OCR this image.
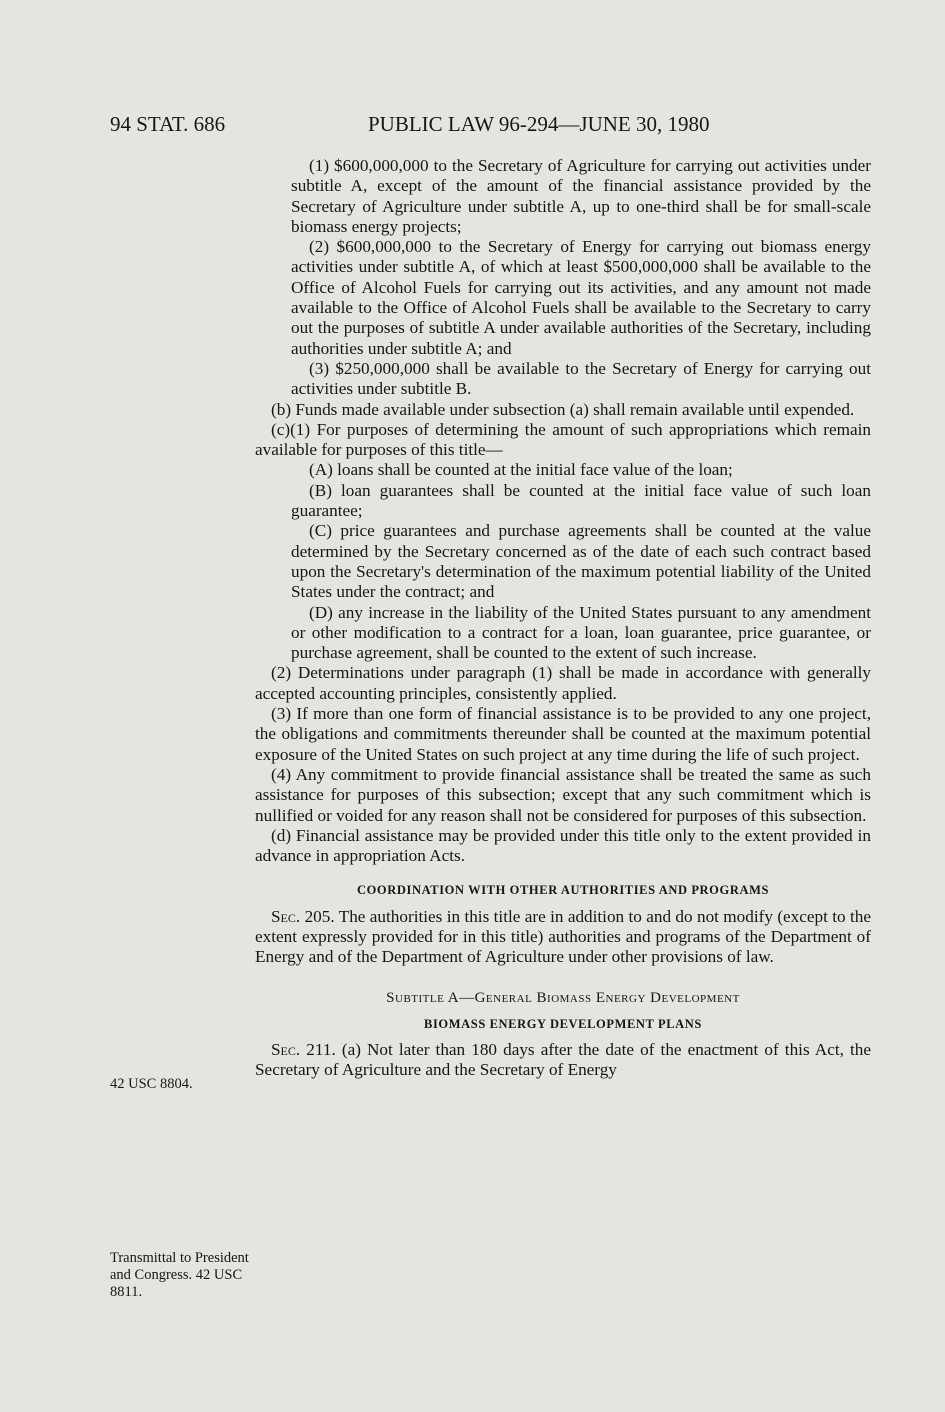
94 STAT. 686	PUBLIC LAW 96-294—JUNE 30, 1980

(1) $600,000,000 to the Secretary of Agriculture for carrying out activities under subtitle A, except of the amount of the financial assistance provided by the Secretary of Agriculture under subtitle A, up to one-third shall be for small-scale biomass energy projects;

(2) $600,000,000 to the Secretary of Energy for carrying out biomass energy activities under subtitle A, of which at least $500,000,000 shall be available to the Office of Alcohol Fuels for carrying out its activities, and any amount not made available to the Office of Alcohol Fuels shall be available to the Secretary to carry out the purposes of subtitle A under available authorities of the Secretary, including authorities under subtitle A; and

(3) $250,000,000 shall be available to the Secretary of Energy for carrying out activities under subtitle B.

(b) Funds made available under subsection (a) shall remain available until expended.

(c)(1) For purposes of determining the amount of such appropriations which remain available for purposes of this title—

(A) loans shall be counted at the initial face value of the loan;

(B) loan guarantees shall be counted at the initial face value of such loan guarantee;

(C) price guarantees and purchase agreements shall be counted at the value determined by the Secretary concerned as of the date of each such contract based upon the Secretary's determination of the maximum potential liability of the United States under the contract; and

(D) any increase in the liability of the United States pursuant to any amendment or other modification to a contract for a loan, loan guarantee, price guarantee, or purchase agreement, shall be counted to the extent of such increase.

(2) Determinations under paragraph (1) shall be made in accordance with generally accepted accounting principles, consistently applied.

(3) If more than one form of financial assistance is to be provided to any one project, the obligations and commitments thereunder shall be counted at the maximum potential exposure of the United States on such project at any time during the life of such project.

(4) Any commitment to provide financial assistance shall be treated the same as such assistance for purposes of this subsection; except that any such commitment which is nullified or voided for any reason shall not be considered for purposes of this subsection.

(d) Financial assistance may be provided under this title only to the extent provided in advance in appropriation Acts.

COORDINATION WITH OTHER AUTHORITIES AND PROGRAMS

Sec. 205. The authorities in this title are in addition to and do not modify (except to the extent expressly provided for in this title) authorities and programs of the Department of Energy and of the Department of Agriculture under other provisions of law.

Subtitle A—General Biomass Energy Development
BIOMASS ENERGY DEVELOPMENT PLANS

Sec. 211. (a) Not later than 180 days after the date of the enactment of this Act, the Secretary of Agriculture and the Secretary of Energy

42 USC 8804.
Transmittal to President and Congress. 42 USC 8811.
